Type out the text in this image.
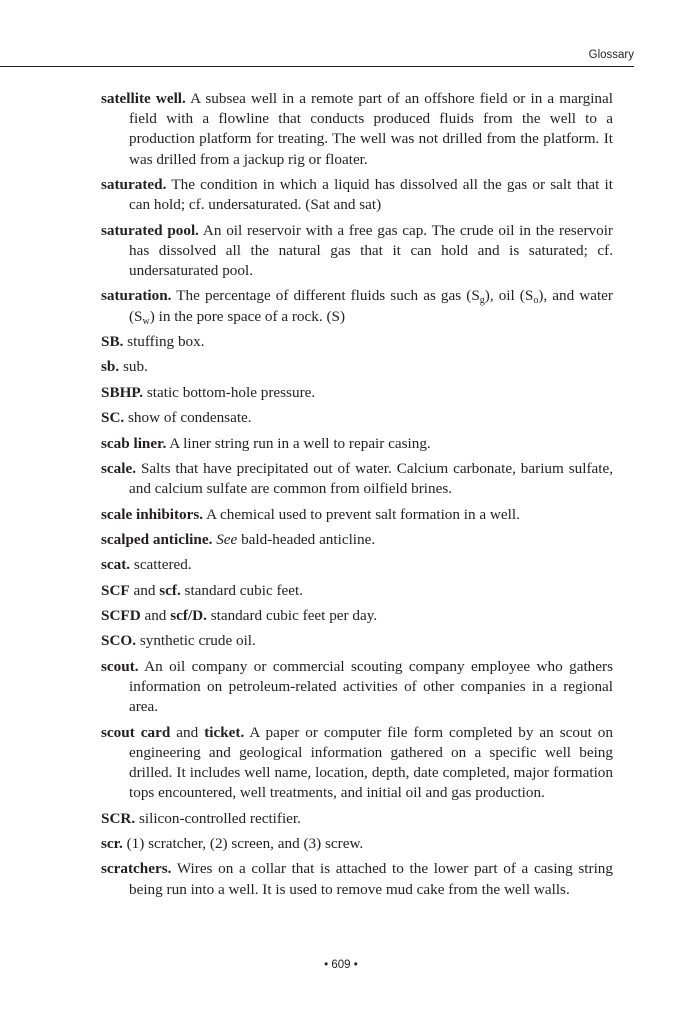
Glossary

satellite well. A subsea well in a remote part of an offshore field or in a marginal field with a flowline that conducts produced fluids from the well to a production platform for treating. The well was not drilled from the platform. It was drilled from a jackup rig or floater.

saturated. The condition in which a liquid has dissolved all the gas or salt that it can hold; cf. undersaturated. (Sat and sat)

saturated pool. An oil reservoir with a free gas cap. The crude oil in the reservoir has dissolved all the natural gas that it can hold and is saturated; cf. undersaturated pool.

saturation. The percentage of different fluids such as gas $(S_g)$, oil $(S_o)$, and water $(S_w)$ in the pore space of a rock. (S)

SB. stuffing box.

sb. sub.

SBHP. static bottom-hole pressure.

SC. show of condensate.

scab liner. A liner string run in a well to repair casing.

scale. Salts that have precipitated out of water. Calcium carbonate, barium sulfate, and calcium sulfate are common from oilfield brines.

scale inhibitors. A chemical used to prevent salt formation in a well.

scalped anticline. See bald-headed anticline.

scat. scattered.

SCF and scf. standard cubic feet.

SCFD and scf/D. standard cubic feet per day.

SCO. synthetic crude oil.

scout. An oil company or commercial scouting company employee who gathers information on petroleum-related activities of other companies in a regional area.

scout card and ticket. A paper or computer file form completed by an scout on engineering and geological information gathered on a specific well being drilled. It includes well name, location, depth, date completed, major formation tops encountered, well treatments, and initial oil and gas production.

SCR. silicon-controlled rectifier.

scr. (1) scratcher, (2) screen, and (3) screw.

scratchers. Wires on a collar that is attached to the lower part of a casing string being run into a well. It is used to remove mud cake from the well walls.

• 609 •
